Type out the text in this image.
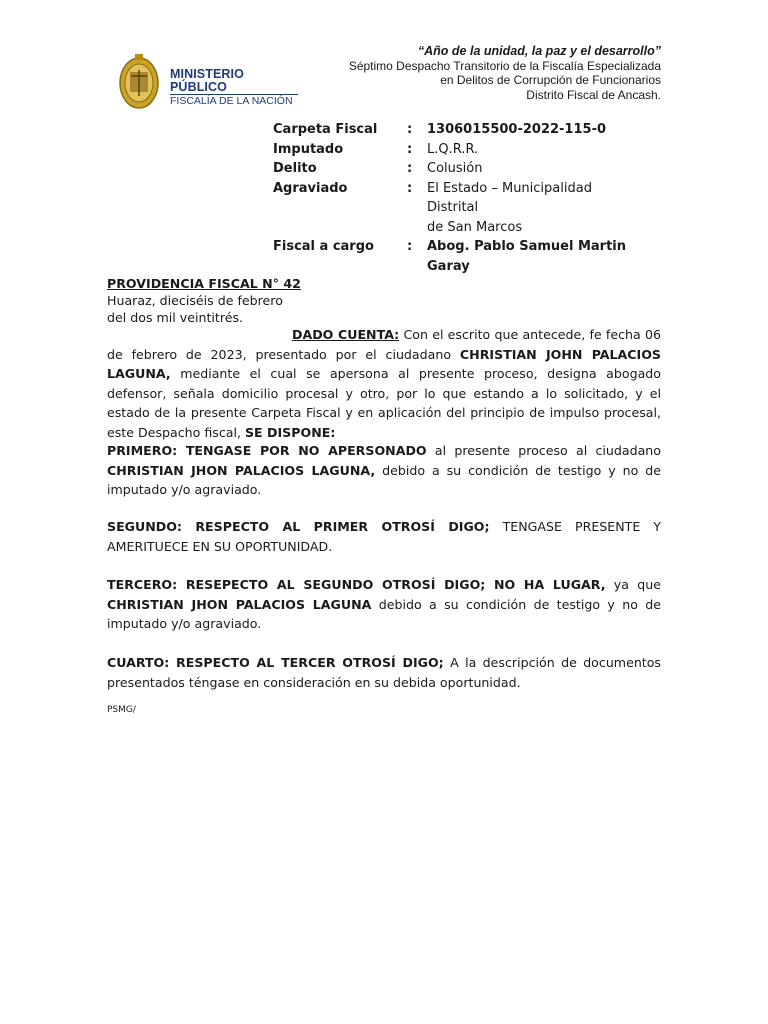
MINISTERIO PÚBLICO
FISCALÍA DE LA NACIÓN
“Año de la unidad, la paz y el desarrollo”
Séptimo Despacho Transitorio de la Fiscalía Especializada
en Delitos de Corrupción de Funcionarios
Distrito Fiscal de Ancash.
Carpeta Fiscal	:	1306015500-2022-115-0
Imputado	:	L.Q.R.R.
Delito	:	Colusión
Agraviado	:	El Estado – Municipalidad Distrital
de San Marcos
Fiscal a cargo	:	Abog. Pablo Samuel Martin
Garay
PROVIDENCIA FISCAL N° 42
Huaraz, dieciséis de febrero
del dos mil veintitrés.
DADO CUENTA: Con el escrito que antecede, fe fecha 06 de febrero de 2023, presentado por el ciudadano CHRISTIAN JOHN PALACIOS LAGUNA, mediante el cual se apersona al presente proceso, designa abogado defensor, señala domicilio procesal y otro, por lo que estando a lo solicitado, y el estado de la presente Carpeta Fiscal y en aplicación del principio de impulso procesal, este Despacho fiscal, SE DISPONE:
PRIMERO: TENGASE POR NO APERSONADO al presente proceso al ciudadano CHRISTIAN JHON PALACIOS LAGUNA, debido a su condición de testigo y no de imputado y/o agraviado.
SEGUNDO: RESPECTO AL PRIMER OTROSÍ DIGO; TENGASE PRESENTE Y AMERITUECE EN SU OPORTUNIDAD.
TERCERO: RESEPECTO AL SEGUNDO OTROSÍ DIGO; NO HA LUGAR, ya que CHRISTIAN JHON PALACIOS LAGUNA debido a su condición de testigo y no de imputado y/o agraviado.
CUARTO: RESPECTO AL TERCER OTROSÍ DIGO; A la descripción de documentos presentados téngase en consideración en su debida oportunidad.
PSMG/
